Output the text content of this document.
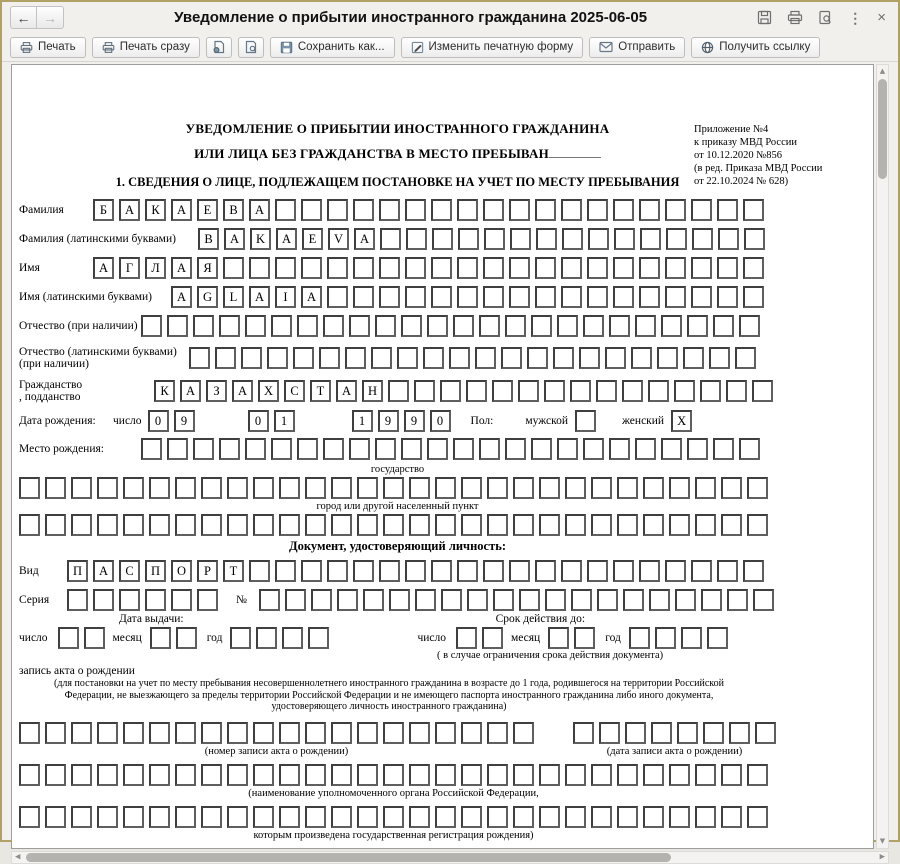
← →	Уведомление о прибытии иностранного гражданина 2025-06-05	⋮ ×
Печать	Печать сразу	Сохранить как...	Изменить печатную форму	Отправить	Получить ссылку
Приложение №4
к приказу МВД России
от 10.12.2020 №856
(в ред. Приказа МВД России
от 22.10.2024 № 628)
УВЕДОМЛЕНИЕ О ПРИБЫТИИ ИНОСТРАННОГО ГРАЖДАНИНА
ИЛИ ЛИЦА БЕЗ ГРАЖДАНСТВА В МЕСТО ПРЕБЫВАН
1. СВЕДЕНИЯ О ЛИЦЕ, ПОДЛЕЖАЩЕМ ПОСТАНОВКЕ НА УЧЕТ ПО МЕСТУ ПРЕБЫВАНИЯ
Фамилия	Б	А	К	А	Е	В	А
Фамилия (латинскими буквами)	B	A	K	A	E	V	A
Имя	А	Г	Л	А	Я
Имя (латинскими буквами)	A	G	L	A	I	A
Отчество (при наличии)
Отчество (латинскими буквами) (при наличии)
Гражданство
, подданство	К	А	З	А	Х	С	Т	А	Н
Дата рождения:	число	0	9	0	1	1	9	9	0	Пол:	мужской	женский	X
Место рождения:
государство
город или другой населенный пункт
Документ, удостоверяющий личность:
Вид	П	А	С	П	О	Р	Т
Серия	№
Дата выдачи:	Срок действия до:
число	месяц	год	число	месяц	год
( в случае ограничения срока действия документа)
запись акта о рождении
(для постановки на учет по месту пребывания несовершеннолетнего иностранного гражданина в возрасте до 1 года, родившегося на территории Российской
Федерации, не выезжающего за пределы территории Российской Федерации и не имеющего паспорта иностранного гражданина либо иного документа,
удостоверяющего личность иностранного гражданина)
(номер записи акта о рождении)	(дата записи акта о рождении)
(наименование уполномоченного органа Российской Федерации,
которым произведена государственная регистрация рождения)
▲
▼
◀	▶
